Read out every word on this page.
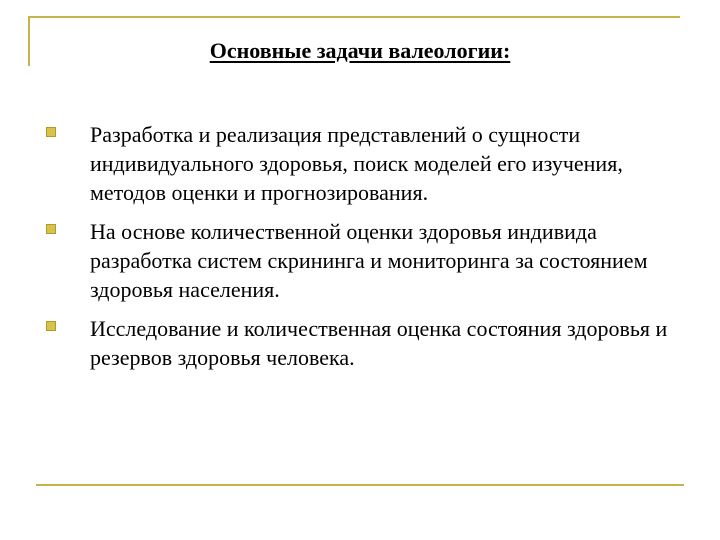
Основные задачи валеологии:
Разработка и реализация представлений о сущности индивидуального здоровья, поиск моделей его изучения, методов оценки и прогнозирования.
На основе количественной оценки здоровья индивида разработка систем скрининга и мониторинга за состоянием здоровья населения.
Исследование и количественная оценка состояния здоровья и резервов здоровья человека.
